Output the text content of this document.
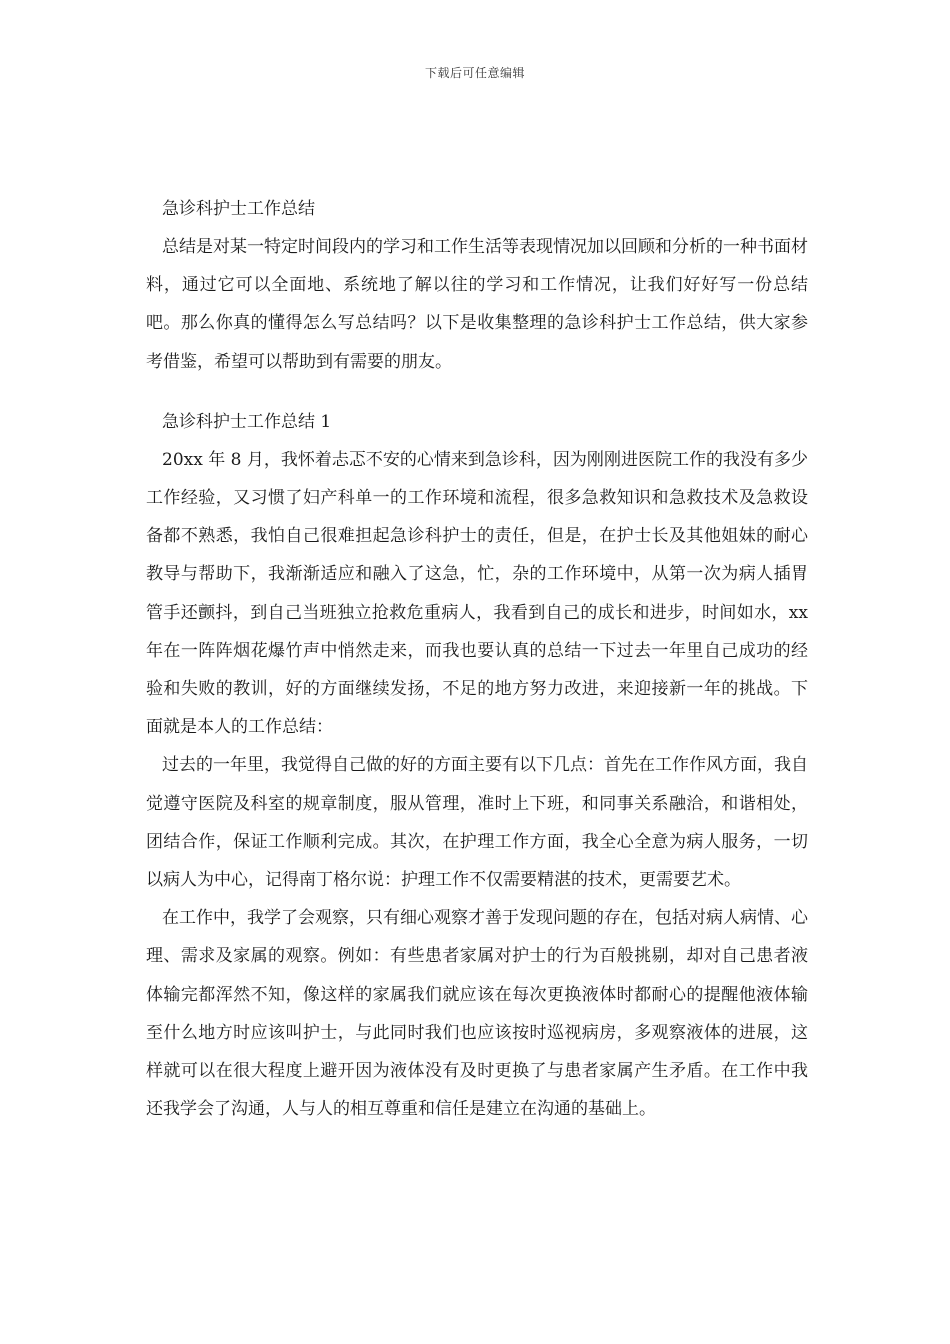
下载后可任意编辑
急诊科护士工作总结

总结是对某一特定时间段内的学习和工作生活等表现情况加以回顾和分析的一种书面材料，通过它可以全面地、系统地了解以往的学习和工作情况，让我们好好写一份总结吧。那么你真的懂得怎么写总结吗？以下是收集整理的急诊科护士工作总结，供大家参考借鉴，希望可以帮助到有需要的朋友。

急诊科护士工作总结 1

20xx 年 8 月，我怀着忐忑不安的心情来到急诊科，因为刚刚进医院工作的我没有多少工作经验，又习惯了妇产科单一的工作环境和流程，很多急救知识和急救技术及急救设备都不熟悉，我怕自己很难担起急诊科护士的责任，但是，在护士长及其他姐妹的耐心教导与帮助下，我渐渐适应和融入了这急，忙，杂的工作环境中，从第一次为病人插胃管手还颤抖，到自己当班独立抢救危重病人，我看到自己的成长和进步，时间如水，xx 年在一阵阵烟花爆竹声中悄然走来，而我也要认真的总结一下过去一年里自己成功的经验和失败的教训，好的方面继续发扬，不足的地方努力改进，来迎接新一年的挑战。下面就是本人的工作总结：

过去的一年里，我觉得自己做的好的方面主要有以下几点：首先在工作作风方面，我自觉遵守医院及科室的规章制度，服从管理，准时上下班，和同事关系融洽，和谐相处，团结合作，保证工作顺利完成。其次，在护理工作方面，我全心全意为病人服务，一切以病人为中心，记得南丁格尔说：护理工作不仅需要精湛的技术，更需要艺术。

在工作中，我学了会观察，只有细心观察才善于发现问题的存在，包括对病人病情、心理、需求及家属的观察。例如：有些患者家属对护士的行为百般挑剔，却对自己患者液体输完都浑然不知，像这样的家属我们就应该在每次更换液体时都耐心的提醒他液体输至什么地方时应该叫护士，与此同时我们也应该按时巡视病房，多观察液体的进展，这样就可以在很大程度上避开因为液体没有及时更换了与患者家属产生矛盾。在工作中我还我学会了沟通，人与人的相互尊重和信任是建立在沟通的基础上。
